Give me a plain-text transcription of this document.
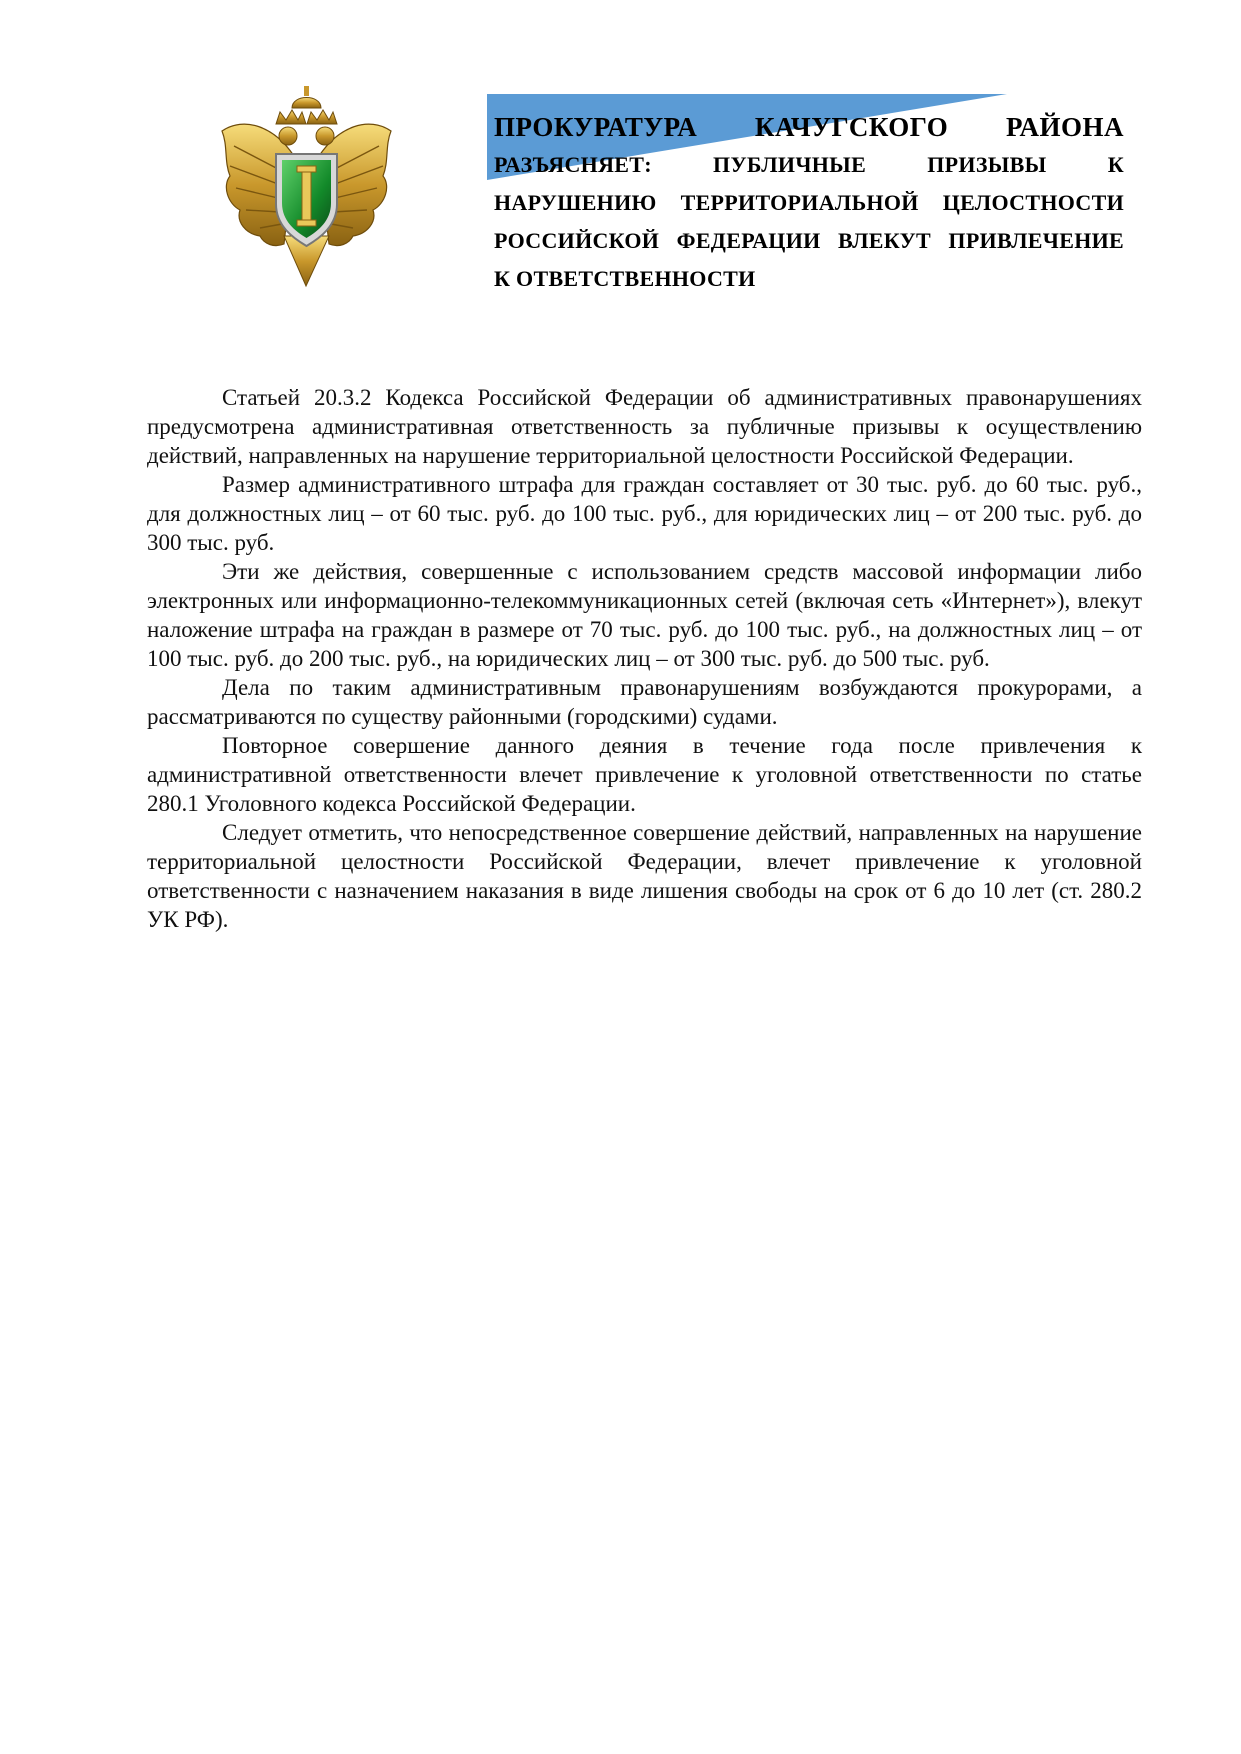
ПРОКУРАТУРА КАЧУГСКОГО РАЙОНА
РАЗЪЯСНЯЕТ: ПУБЛИЧНЫЕ ПРИЗЫВЫ К
НАРУШЕНИЮ ТЕРРИТОРИАЛЬНОЙ ЦЕЛОСТНОСТИ
РОССИЙСКОЙ ФЕДЕРАЦИИ ВЛЕКУТ ПРИВЛЕЧЕНИЕ
К ОТВЕТСТВЕННОСТИ

Статьей 20.3.2 Кодекса Российской Федерации об административных правонарушениях предусмотрена административная ответственность за публичные призывы к осуществлению действий, направленных на нарушение территориальной целостности Российской Федерации.

Размер административного штрафа для граждан составляет от 30 тыс. руб. до 60 тыс. руб., для должностных лиц – от 60 тыс. руб. до 100 тыс. руб., для юридических лиц – от 200 тыс. руб. до 300 тыс. руб.

Эти же действия, совершенные с использованием средств массовой информации либо электронных или информационно-телекоммуникационных сетей (включая сеть «Интернет»), влекут наложение штрафа на граждан в размере от 70 тыс. руб. до 100 тыс. руб., на должностных лиц – от 100 тыс. руб. до 200 тыс. руб., на юридических лиц – от 300 тыс. руб. до 500 тыс. руб.

Дела по таким административным правонарушениям возбуждаются прокурорами, а рассматриваются по существу районными (городскими) судами.

Повторное совершение данного деяния в течение года после привлечения к административной ответственности влечет привлечение к уголовной ответственности по статье 280.1 Уголовного кодекса Российской Федерации.

Следует отметить, что непосредственное совершение действий, направленных на нарушение территориальной целостности Российской Федерации, влечет привлечение к уголовной ответственности с назначением наказания в виде лишения свободы на срок от 6 до 10 лет (ст. 280.2 УК РФ).
